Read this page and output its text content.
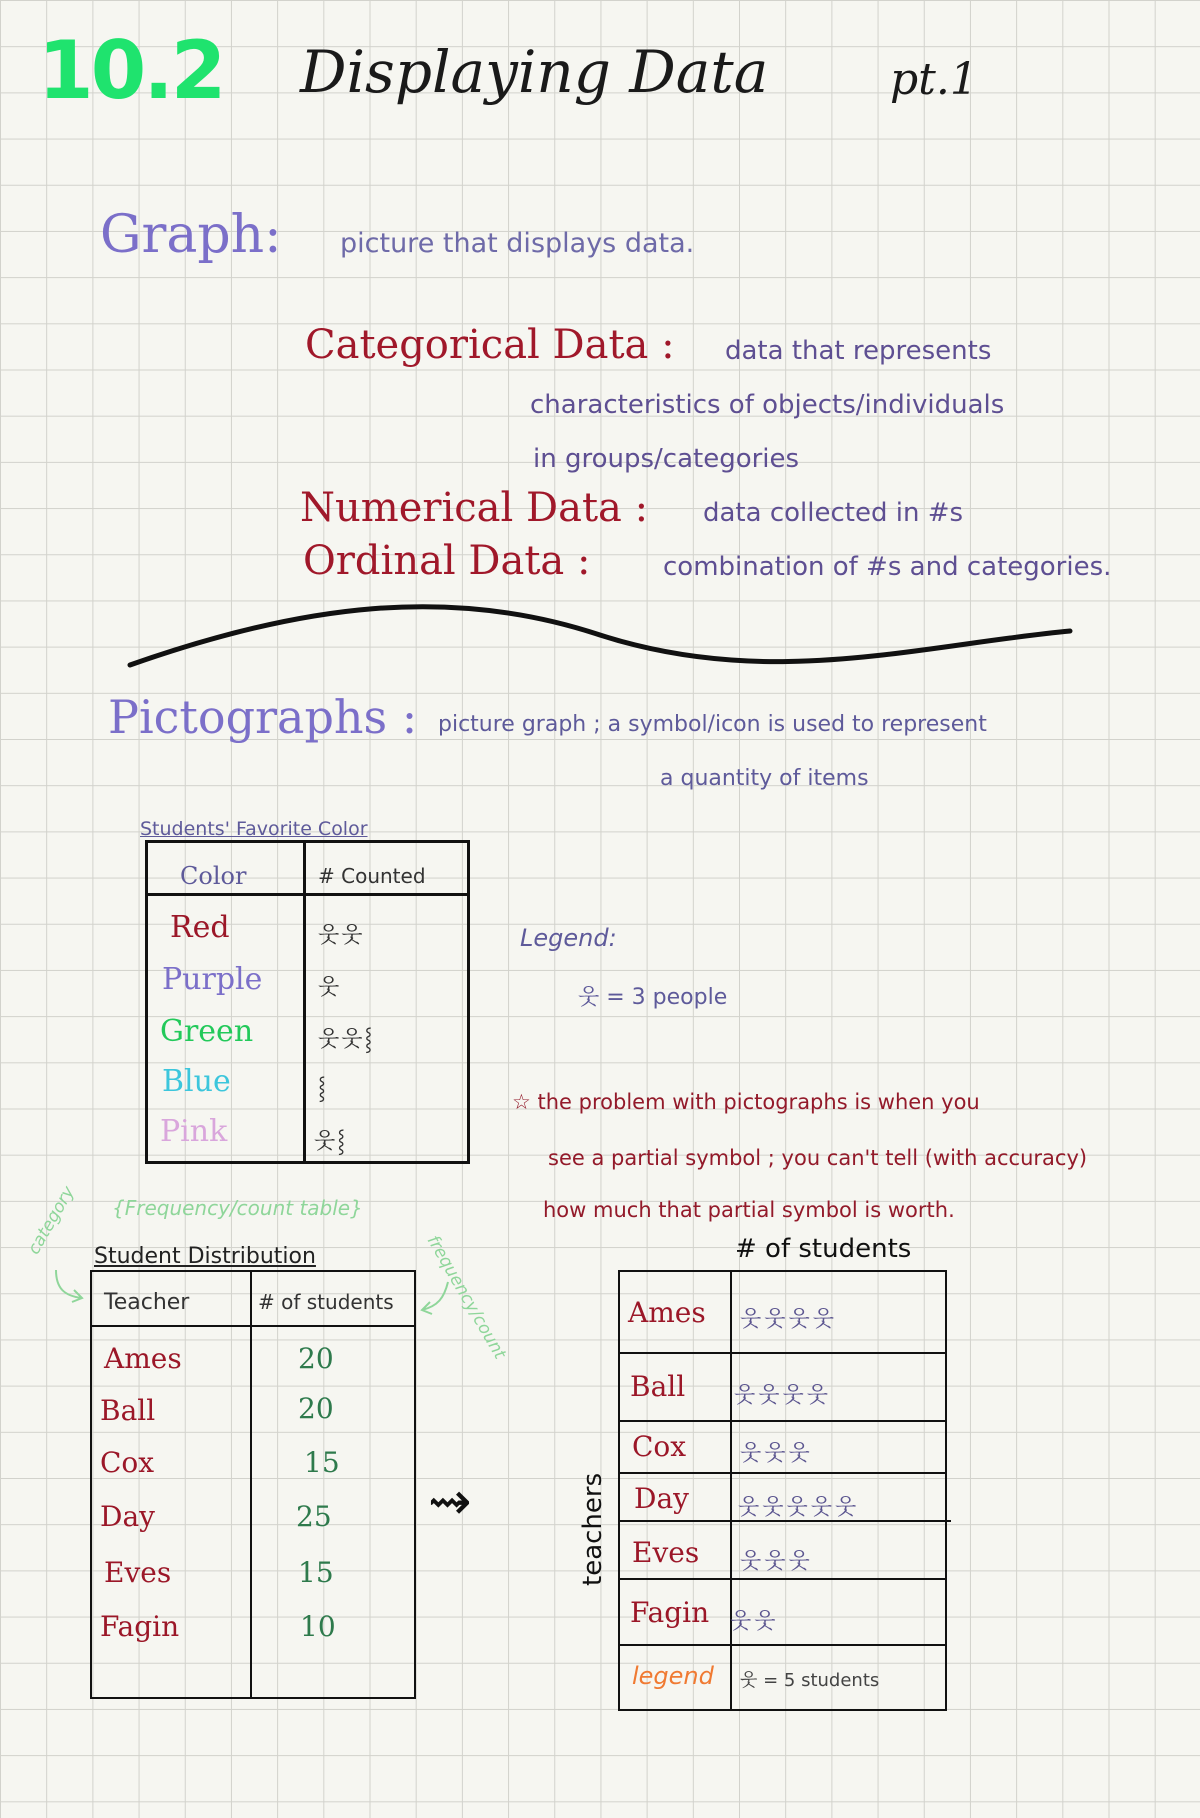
10.2 Displaying Data	pt.1
Graph: picture that displays data.
Categorical Data : data that represents
characteristics of objects/individuals
in groups/categories
Numerical Data : data collected in #s
Ordinal Data :	combination of #s and categories.
Pictographs : picture graph ; a symbol/icon is used to represent
a quantity of items
Students' Favorite Color
Color	# Counted
Red	웃웃
Purple	웃
Green	웃웃⸾
Blue	⸾
Pink	웃⸾
Legend:
웃 = 3 people
☆ the problem with pictographs is when you
see a partial symbol ; you can't tell (with accuracy)
how much that partial symbol is worth.
{Frequency/count table}
category
frequency/count
Student Distribution
Teacher	# of students
Ames	20
Ball	20
Cox	15
Day	25
Eves	15
Fagin	10
⇝
# of students
teachers
Ames 웃웃웃웃
Ball 웃웃웃웃
Cox 웃웃웃
Day 웃웃웃웃웃
Eves 웃웃웃
Fagin 웃웃
legend 웃 = 5 students
